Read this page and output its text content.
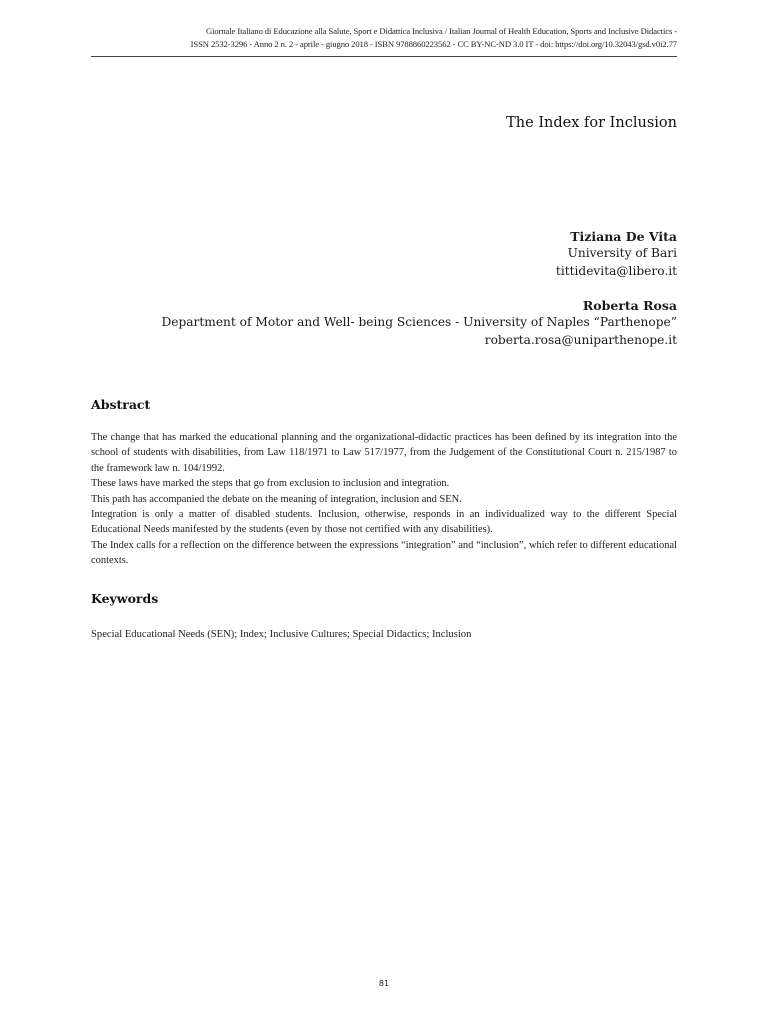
Giornale Italiano di Educazione alla Salute, Sport e Didattica Inclusiva / Italian Journal of Health Education, Sports and Inclusive Didactics -
ISSN 2532-3296 - Anno 2 n. 2 - aprile - giugno 2018 - ISBN 9788860223562 - CC BY-NC-ND 3.0 IT - doi: https://doi.org/10.32043/gsd.v0i2.77
The Index for Inclusion
Tiziana De Vita
University of Bari
tittidevita@libero.it
Roberta Rosa
Department of Motor and Well- being Sciences - University of Naples “Parthenope”
roberta.rosa@uniparthenope.it
Abstract

The change that has marked the educational planning and the organizational-didactic practices has been defined by its integration into the school of students with disabilities, from Law 118/1971 to Law 517/1977, from the Judgement of the Constitutional Court n. 215/1987 to the framework law n. 104/1992.

These laws have marked the steps that go from exclusion to inclusion and integration.

This path has accompanied the debate on the meaning of integration, inclusion and SEN.

Integration is only a matter of disabled students. Inclusion, otherwise, responds in an individualized way to the different Special Educational Needs manifested by the students (even by those not certified with any disabilities).

The Index calls for a reflection on the difference between the expressions “integration” and “inclusion”, which refer to different educational contexts.

Keywords
Special Educational Needs (SEN); Index; Inclusive Cultures; Special Didactics; Inclusion
81
